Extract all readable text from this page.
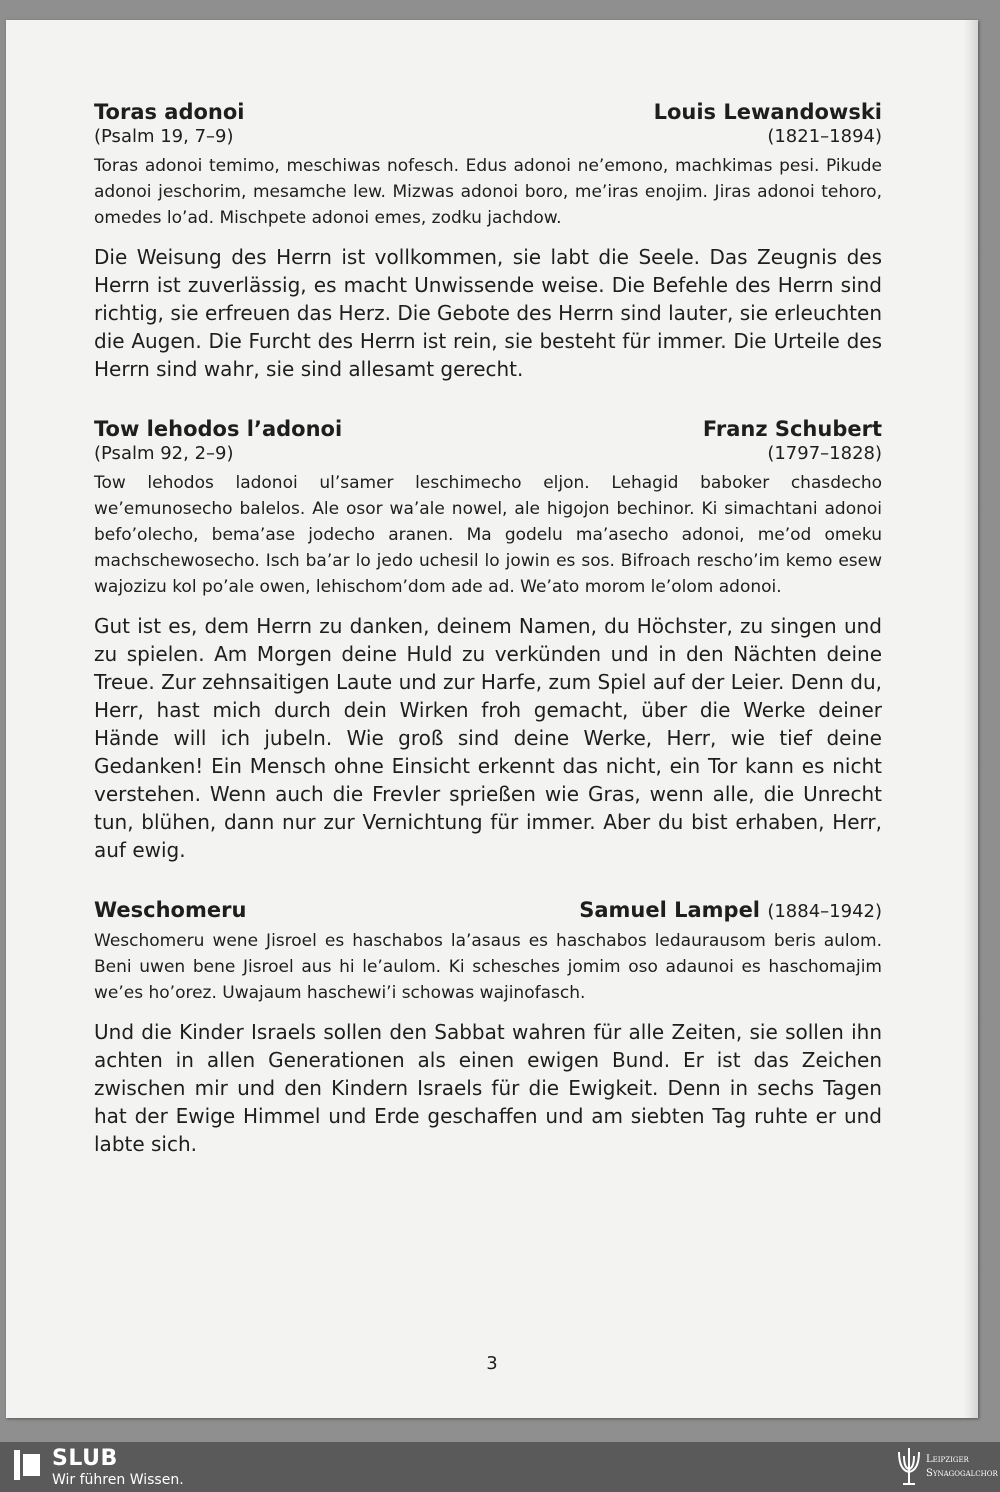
Toras adonoi	Louis Lewandowski
(Psalm 19, 7–9)	(1821–1894)

Toras adonoi temimo, meschiwas nofesch. Edus adonoi ne’emono, machkimas pesi. Pikude adonoi jeschorim, mesamche lew. Mizwas adonoi boro, me’iras enojim. Jiras adonoi tehoro, omedes lo’ad. Mischpete adonoi emes, zodku jachdow.

Die Weisung des Herrn ist vollkommen, sie labt die Seele. Das Zeugnis des Herrn ist zuverlässig, es macht Unwissende weise. Die Befehle des Herrn sind richtig, sie erfreuen das Herz. Die Gebote des Herrn sind lauter, sie erleuchten die Augen. Die Furcht des Herrn ist rein, sie besteht für immer. Die Urteile des Herrn sind wahr, sie sind allesamt gerecht.

Tow lehodos l’adonoi	Franz Schubert
(Psalm 92, 2–9)	(1797–1828)

Tow lehodos ladonoi ul’samer leschimecho eljon. Lehagid baboker chasdecho we’emunosecho balelos. Ale osor wa’ale nowel, ale higojon bechinor. Ki simachtani adonoi befo’olecho, bema’ase jodecho aranen. Ma godelu ma’asecho adonoi, me’od omeku machschewosecho. Isch ba’ar lo jedo uchesil lo jowin es sos. Bifroach rescho’im kemo esew wajozizu kol po’ale owen, lehischom’dom ade ad. We’ato morom le’olom adonoi.

Gut ist es, dem Herrn zu danken, deinem Namen, du Höchster, zu singen und zu spielen. Am Morgen deine Huld zu verkünden und in den Nächten deine Treue. Zur zehnsaitigen Laute und zur Harfe, zum Spiel auf der Leier. Denn du, Herr, hast mich durch dein Wirken froh gemacht, über die Werke deiner Hände will ich jubeln. Wie groß sind deine Werke, Herr, wie tief deine Gedanken! Ein Mensch ohne Einsicht erkennt das nicht, ein Tor kann es nicht verstehen. Wenn auch die Frevler sprießen wie Gras, wenn alle, die Unrecht tun, blühen, dann nur zur Vernichtung für immer. Aber du bist erhaben, Herr, auf ewig.

Weschomeru	Samuel Lampel (1884–1942)

Weschomeru wene Jisroel es haschabos la’asaus es haschabos ledaurausom beris aulom. Beni uwen bene Jisroel aus hi le’aulom. Ki schesches jomim oso adaunoi es haschomajim we’es ho’orez. Uwajaum haschewi’i schowas wajinofasch.

Und die Kinder Israels sollen den Sabbat wahren für alle Zeiten, sie sollen ihn achten in allen Generationen als einen ewigen Bund. Er ist das Zeichen zwischen mir und den Kindern Israels für die Ewigkeit. Denn in sechs Tagen hat der Ewige Himmel und Erde geschaffen und am siebten Tag ruhte er und labte sich.

3
SLUB
Wir führen Wissen.
Leipziger
Synagogalchor
